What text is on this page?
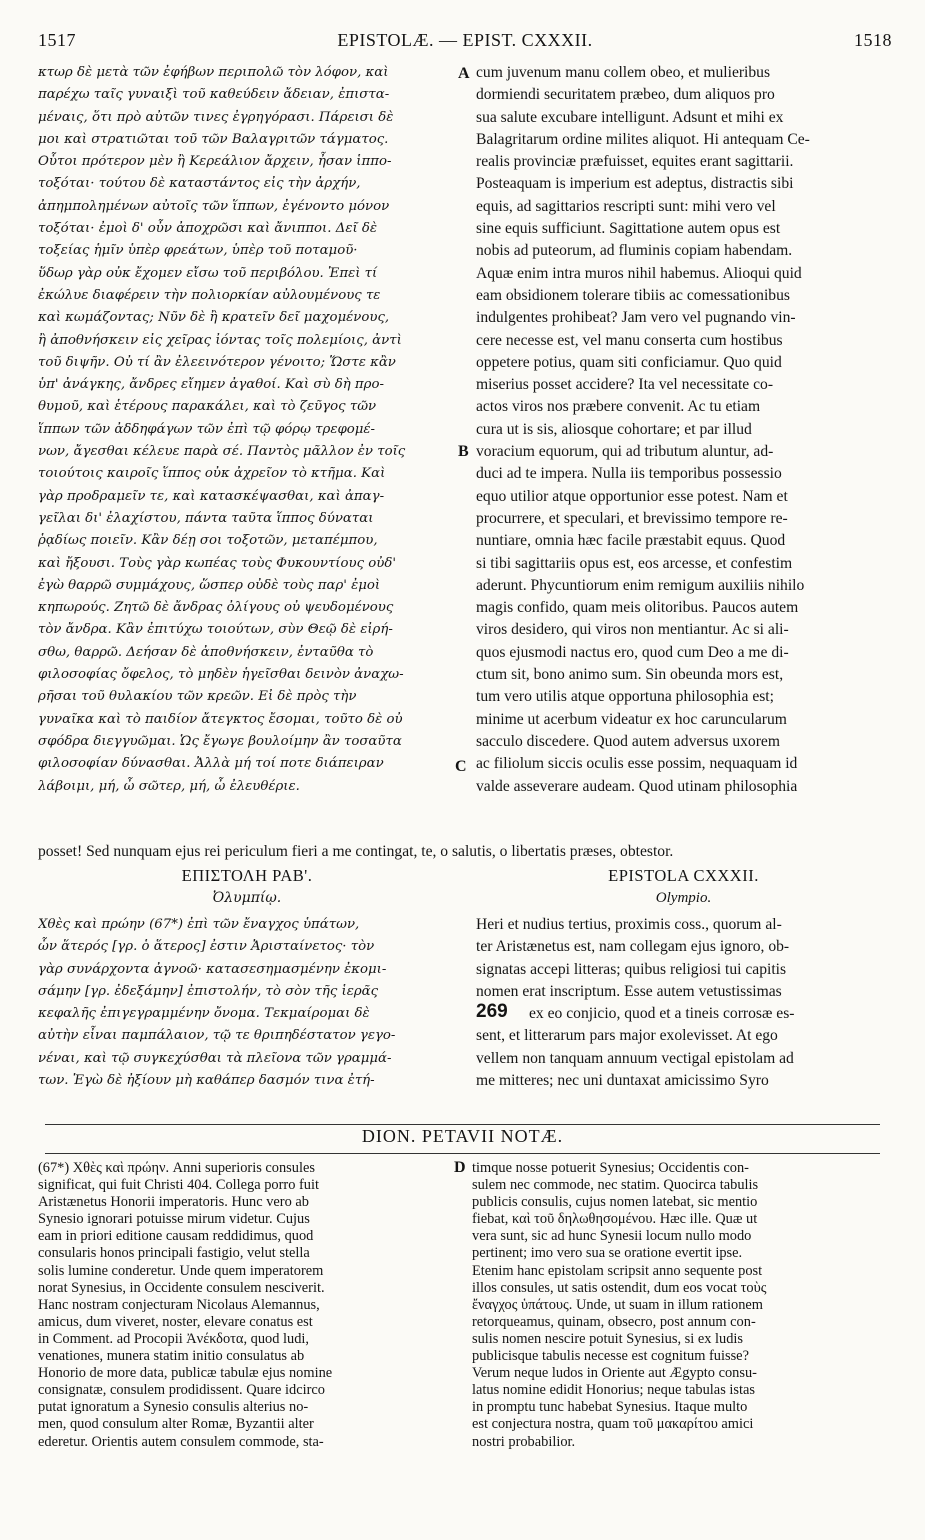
1517	EPISTOLÆ. — EPIST. CXXXII.	1518
κτωρ δὲ μετὰ τῶν ἐφήβων περιπολῶ τὸν λόφον, καὶ
παρέχω ταῖς γυναιξὶ τοῦ καθεύδειν ἄδειαν, ἐπιστα-
μέναις, ὅτι πρὸ αὐτῶν τινες ἐγρηγόρασι. Πάρεισι δὲ
μοι καὶ στρατιῶται τοῦ τῶν Βαλαγριτῶν τάγματος.
Οὗτοι πρότερον μὲν ἢ Κερεάλιον ἄρχειν, ἦσαν ἱππο-
τοξόται· τούτου δὲ καταστάντος εἰς τὴν ἀρχήν,
ἀπημπολημένων αὐτοῖς τῶν ἵππων, ἐγένοντο μόνον
τοξόται· ἐμοὶ δ' οὖν ἀποχρῶσι καὶ ἄνιπποι. Δεῖ δὲ
τοξείας ἡμῖν ὑπὲρ φρεάτων, ὑπὲρ τοῦ ποταμοῦ·
ὕδωρ γὰρ οὐκ ἔχομεν εἴσω τοῦ περιβόλου. Ἐπεὶ τί
ἐκώλυε διαφέρειν τὴν πολιορκίαν αὐλουμένους τε
καὶ κωμάζοντας; Νῦν δὲ ἢ κρατεῖν δεῖ μαχομένους,
ἢ ἀποθνήσκειν εἰς χεῖρας ἰόντας τοῖς πολεμίοις, ἀντὶ
τοῦ διψῆν. Οὐ τί ἂν ἐλεεινότερον γένοιτο; Ὥστε κἂν
ὑπ' ἀνάγκης, ἄνδρες εἴημεν ἀγαθοί. Καὶ σὺ δὴ προ-
θυμοῦ, καὶ ἑτέρους παρακάλει, καὶ τὸ ζεῦγος τῶν
ἵππων τῶν ἀδδηφάγων τῶν ἐπὶ τῷ φόρῳ τρεφομέ-
νων, ἄγεσθαι κέλευε παρὰ σέ. Παντὸς μᾶλλον ἐν τοῖς
τοιούτοις καιροῖς ἵππος οὐκ ἀχρεῖον τὸ κτῆμα. Καὶ
γὰρ προδραμεῖν τε, καὶ κατασκέψασθαι, καὶ ἀπαγ-
γεῖλαι δι' ἐλαχίστου, πάντα ταῦτα ἵππος δύναται
ῥᾳδίως ποιεῖν. Κἂν δέῃ σοι τοξοτῶν, μεταπέμπου,
καὶ ἤξουσι. Τοὺς γὰρ κωπέας τοὺς Φυκουντίους οὐδ'
ἐγὼ θαρρῶ συμμάχους, ὥσπερ οὐδὲ τοὺς παρ' ἐμοὶ
κηπωρούς. Ζητῶ δὲ ἄνδρας ὀλίγους οὐ ψευδομένους
τὸν ἄνδρα. Κἂν ἐπιτύχω τοιούτων, σὺν Θεῷ δὲ εἰρή-
σθω, θαρρῶ. Δεήσαν δὲ ἀποθνήσκειν, ἐνταῦθα τὸ
φιλοσοφίας ὄφελος, τὸ μηδὲν ἡγεῖσθαι δεινὸν ἀναχω-
ρῆσαι τοῦ θυλακίου τῶν κρεῶν. Εἰ δὲ πρὸς τὴν
γυναῖκα καὶ τὸ παιδίον ἄτεγκτος ἔσομαι, τοῦτο δὲ οὐ
σφόδρα διεγγυῶμαι. Ὡς ἔγωγε βουλοίμην ἂν τοσαῦτα
φιλοσοφίαν δύνασθαι. Ἀλλὰ μή τοί ποτε διάπειραν
λάβοιμι, μή, ὦ σῶτερ, μή, ὦ ἐλευθέριε.
A
B
C
cum juvenum manu collem obeo, et mulieribus
dormiendi securitatem præbeo, dum aliquos pro
sua salute excubare intelligunt. Adsunt et mihi ex
Balagritarum ordine milites aliquot. Hi antequam Ce-
realis provinciæ præfuisset, equites erant sagittarii.
Posteaquam is imperium est adeptus, distractis sibi
equis, ad sagittarios rescripti sunt: mihi vero vel
sine equis sufficiunt. Sagittatione autem opus est
nobis ad puteorum, ad fluminis copiam habendam.
Aquæ enim intra muros nihil habemus. Alioqui quid
eam obsidionem tolerare tibiis ac comessationibus
indulgentes prohibeat? Jam vero vel pugnando vin-
cere necesse est, vel manu conserta cum hostibus
oppetere potius, quam siti conficiamur. Quo quid
miserius posset accidere? Ita vel necessitate co-
actos viros nos præbere convenit. Ac tu etiam
cura ut is sis, aliosque cohortare; et par illud
voracium equorum, qui ad tributum aluntur, ad-
duci ad te impera. Nulla iis temporibus possessio
equo utilior atque opportunior esse potest. Nam et
procurrere, et speculari, et brevissimo tempore re-
nuntiare, omnia hæc facile præstabit equus. Quod
si tibi sagittariis opus est, eos arcesse, et confestim
aderunt. Phycuntiorum enim remigum auxiliis nihilo
magis confido, quam meis olitoribus. Paucos autem
viros desidero, qui viros non mentiantur. Ac si ali-
quos ejusmodi nactus ero, quod cum Deo a me di-
ctum sit, bono animo sum. Sin obeunda mors est,
tum vero utilis atque opportuna philosophia est;
minime ut acerbum videatur ex hoc caruncularum
sacculo discedere. Quod autem adversus uxorem
ac filiolum siccis oculis esse possim, nequaquam id
valde asseverare audeam. Quod utinam philosophia
posset! Sed nunquam ejus rei periculum fieri a me contingat, te, o salutis, o libertatis præses, obtestor.
ΕΠΙΣΤΟΛΗ ΡΑΒ'.	EPISTOLA CXXXII.
Ὀλυμπίῳ.	Olympio.
Χθὲς καὶ πρώην (67*) ἐπὶ τῶν ἔναγχος ὑπάτων,
ὧν ἅτερός [γρ. ὁ ἅτερος] ἐστιν Ἀρισταίνετος· τὸν
γὰρ συνάρχοντα ἀγνοῶ· κατασεσημασμένην ἐκομι-
σάμην [γρ. ἐδεξάμην] ἐπιστολήν, τὸ σὸν τῆς ἱερᾶς
κεφαλῆς ἐπιγεγραμμένην ὄνομα. Τεκμαίρομαι δὲ
αὐτὴν εἶναι παμπάλαιον, τῷ τε θριπηδέστατον γεγο-
νέναι, καὶ τῷ συγκεχύσθαι τὰ πλεῖονα τῶν γραμμά-
των. Ἐγὼ δὲ ἠξίουν μὴ καθάπερ δασμόν τινα ἐτή-
Heri et nudius tertius, proximis coss., quorum al-
ter Aristænetus est, nam collegam ejus ignoro, ob-
signatas accepi litteras; quibus religiosi tui capitis
nomen erat inscriptum. Esse autem vetustissimas
ex eo conjicio, quod et a tineis corrosæ es-
sent, et litterarum pars major exolevisset. At ego
vellem non tanquam annuum vectigal epistolam ad
me mitteres; nec uni duntaxat amicissimo Syro
269
DION. PETAVII NOTÆ.
(67*) Χθὲς καὶ πρώην. Anni superioris consules
significat, qui fuit Christi 404. Collega porro fuit
Aristænetus Honorii imperatoris. Hunc vero ab
Synesio ignorari potuisse mirum videtur. Cujus
eam in priori editione causam reddidimus, quod
consularis honos principali fastigio, velut stella
solis lumine conderetur. Unde quem imperatorem
norat Synesius, in Occidente consulem nesciverit.
Hanc nostram conjecturam Nicolaus Alemannus,
amicus, dum viveret, noster, elevare conatus est
in Comment. ad Procopii Ἀνέκδοτα, quod ludi,
venationes, munera statim initio consulatus ab
Honorio de more data, publicæ tabulæ ejus nomine
consignatæ, consulem prodidissent. Quare idcirco
putat ignoratum a Synesio consulis alterius no-
men, quod consulum alter Romæ, Byzantii alter
ederetur. Orientis autem consulem commode, sta-
D timque nosse potuerit Synesius; Occidentis con-
sulem nec commode, nec statim. Quocirca tabulis
publicis consulis, cujus nomen latebat, sic mentio
fiebat, καὶ τοῦ δηλωθησομένου. Hæc ille. Quæ ut
vera sunt, sic ad hunc Synesii locum nullo modo
pertinent; imo vero sua se oratione evertit ipse.
Etenim hanc epistolam scripsit anno sequente post
illos consules, ut satis ostendit, dum eos vocat τοὺς
ἔναγχος ὑπάτους. Unde, ut suam in illum rationem
retorqueamus, quinam, obsecro, post annum con-
sulis nomen nescire potuit Synesius, si ex ludis
publicisque tabulis necesse est cognitum fuisse?
Verum neque ludos in Oriente aut Ægypto consu-
latus nomine edidit Honorius; neque tabulas istas
in promptu tunc habebat Synesius. Itaque multo
est conjectura nostra, quam τοῦ μακαρίτου amici
nostri probabilior.
